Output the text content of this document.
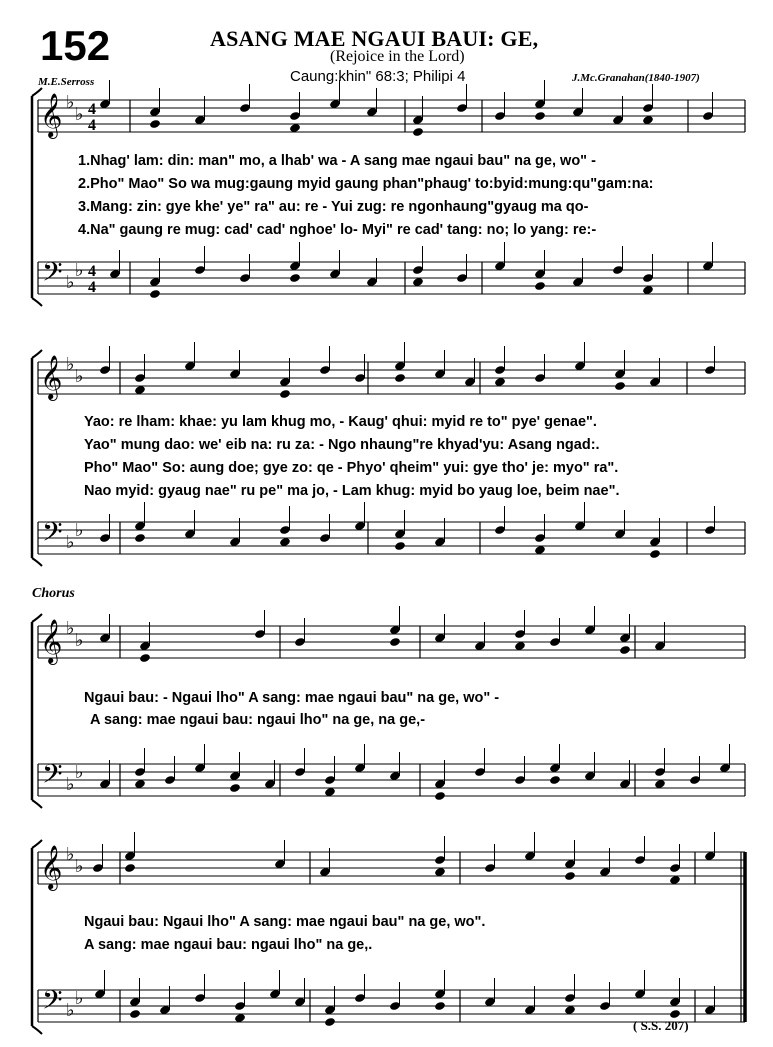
152	ASANG MAE NGAUI BAUI: GE,
(Rejoice in the Lord)
Caung:khin" 68:3; Philipi 4
M.E.Serross	J.Mc.Granahan(1840-1907)
Chorus
( S.S. 207)
𝄞
𝄢
♭
♭
♭
♭
4
4
4
4
𝄞
𝄢
♭
♭
♭
♭
𝄞
𝄢
♭
♭
♭
♭
𝄞
𝄢
♭
♭
♭
♭
1.Nhag' lam: din: man" mo, a lhab' wa - A sang mae ngaui bau" na ge, wo" -
2.Pho" Mao" So wa mug:gaung myid gaung phan"phaug' to:byid:mung:qu"gam:na:
3.Mang: zin: gye khe' ye" ra" au: re - Yui zug: re ngonhaung"gyaug ma qo-
4.Na" gaung re mug: cad' cad' nghoe' lo- Myi" re cad' tang: no; lo yang: re:-
Yao: re lham: khae: yu lam khug mo, - Kaug' qhui: myid re to" pye' genae".
Yao" mung dao: we' eib na: ru za: - Ngo nhaung"re khyad'yu: Asang ngad:.
Pho" Mao" So: aung doe; gye zo: qe - Phyo' qheim" yui: gye tho' je: myo" ra".
Nao myid: gyaug nae" ru pe" ma jo, - Lam khug: myid bo yaug loe, beim nae".
Ngaui bau: - Ngaui lho" A sang: mae ngaui bau" na ge, wo" -
A sang: mae ngaui bau: ngaui lho" na ge, na ge,-
Ngaui bau: Ngaui lho" A sang: mae ngaui bau" na ge, wo".
A sang: mae ngaui bau: ngaui lho" na ge,.
